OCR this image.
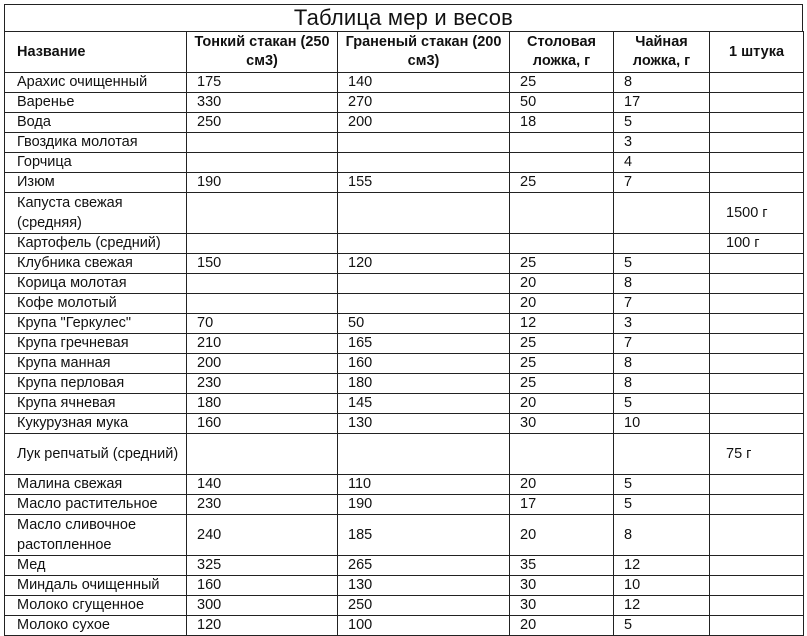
Таблица мер и весов
Название	Тонкий стакан (250 см3)	Граненый стакан (200 см3)	Столовая ложка, г	Чайная ложка, г	1 штука
Арахис очищенный	175	140	25	8	
Варенье	330	270	50	17	
Вода	250	200	18	5	
Гвоздика молотая				3	
Горчица				4	
Изюм	190	155	25	7	
Капуста свежая (средняя)					1500 г
Картофель (средний)					100 г
Клубника свежая	150	120	25	5	
Корица молотая			20	8	
Кофе молотый			20	7	
Крупа "Геркулес"	70	50	12	3	
Крупа гречневая	210	165	25	7	
Крупа манная	200	160	25	8	
Крупа перловая	230	180	25	8	
Крупа ячневая	180	145	20	5	
Кукурузная мука	160	130	30	10	
Лук репчатый (средний)					75 г
Малина свежая	140	110	20	5	
Масло растительное	230	190	17	5	
Масло сливочное растопленное	240	185	20	8	
Мед	325	265	35	12	
Миндаль очищенный	160	130	30	10	
Молоко сгущенное	300	250	30	12	
Молоко сухое	120	100	20	5	
